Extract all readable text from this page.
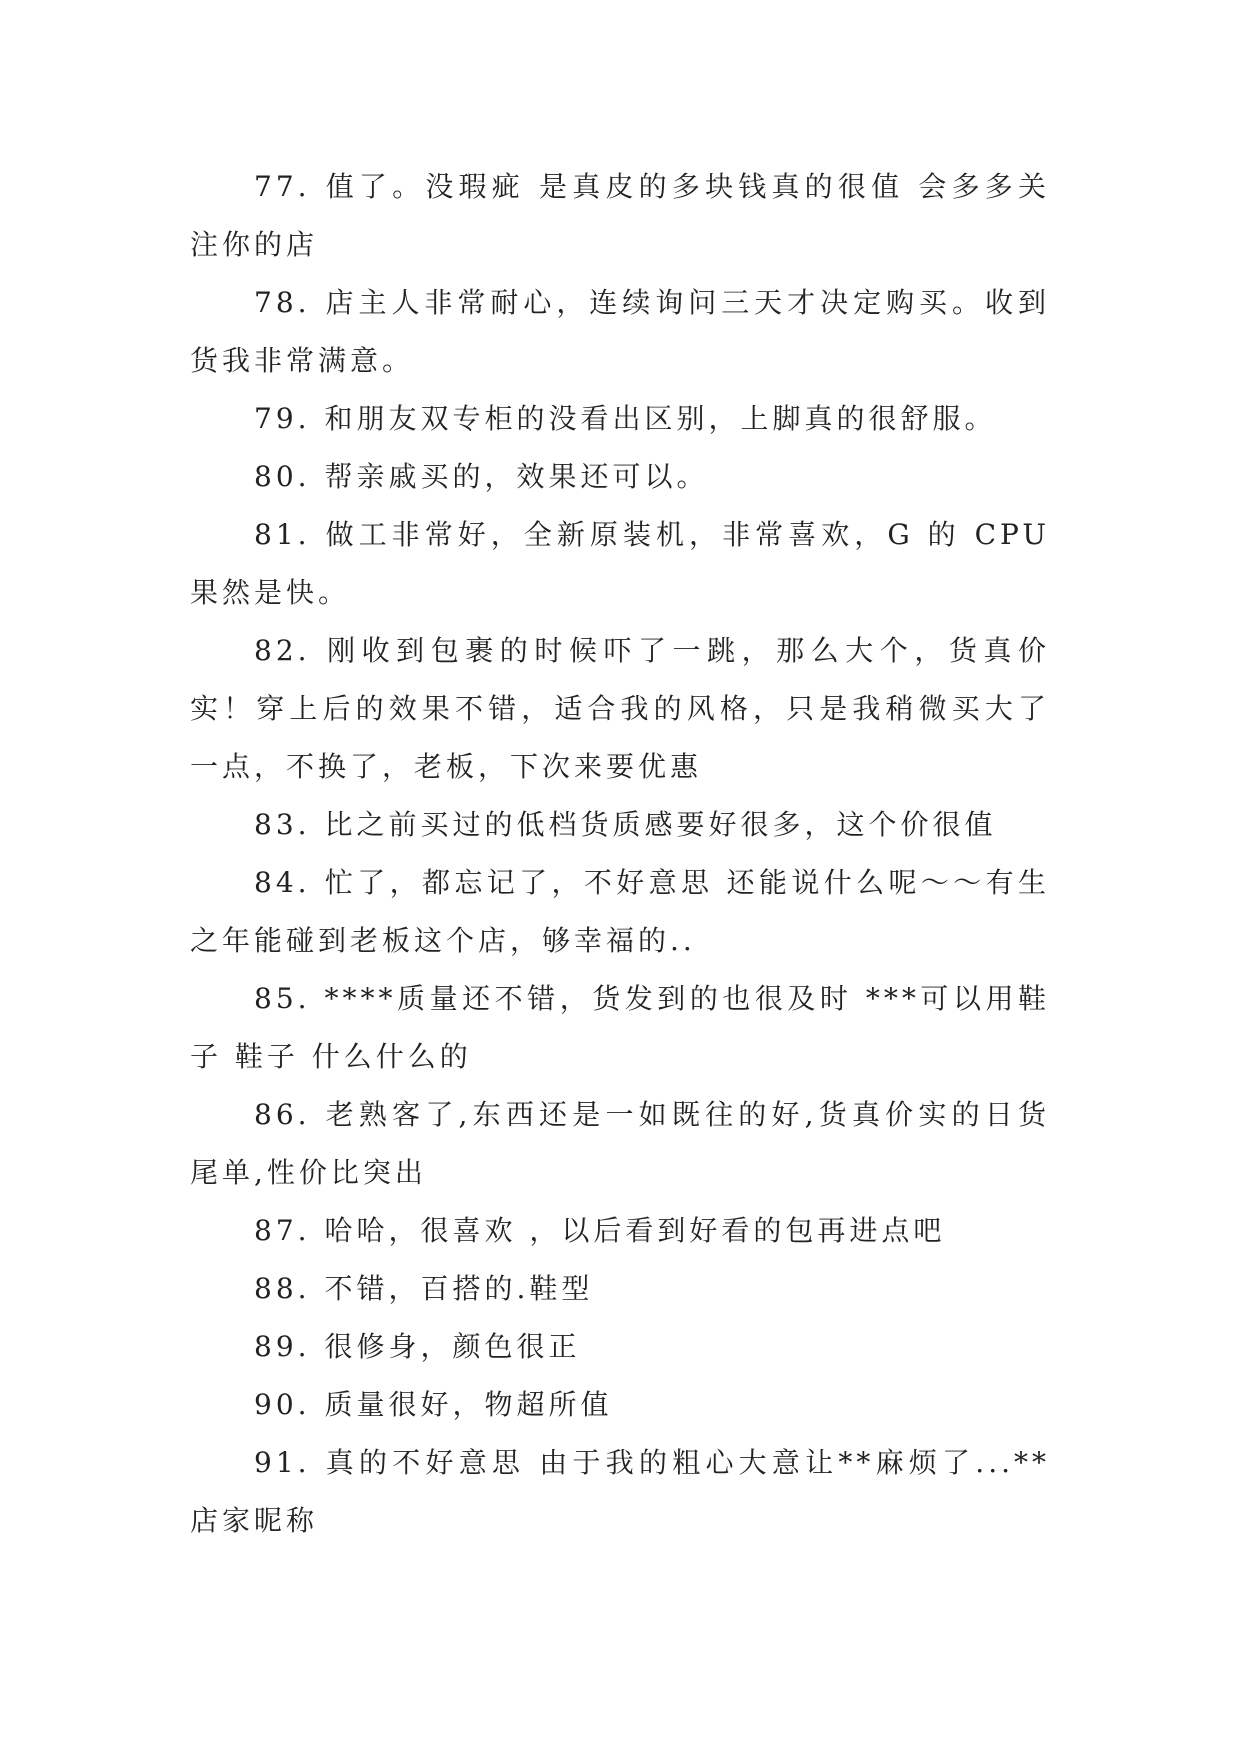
77. 值了。没瑕疵 是真皮的多块钱真的很值 会多多关注你的店

78. 店主人非常耐心，连续询问三天才决定购买。收到货我非常满意。

79. 和朋友双专柜的没看出区别，上脚真的很舒服。

80. 帮亲戚买的，效果还可以。

81. 做工非常好，全新原装机，非常喜欢，G 的 CPU 果然是快。

82. 刚收到包裹的时候吓了一跳，那么大个，货真价实！穿上后的效果不错，适合我的风格，只是我稍微买大了一点，不换了，老板，下次来要优惠

83. 比之前买过的低档货质感要好很多，这个价很值

84. 忙了，都忘记了，不好意思 还能说什么呢～～有生之年能碰到老板这个店，够幸福的..

85. ****质量还不错，货发到的也很及时 ***可以用鞋子 鞋子 什么什么的

86. 老熟客了,东西还是一如既往的好,货真价实的日货尾单,性价比突出

87. 哈哈，很喜欢 ，以后看到好看的包再进点吧

88. 不错，百搭的.鞋型

89. 很修身，颜色很正

90. 质量很好，物超所值

91. 真的不好意思 由于我的粗心大意让**麻烦了...**店家昵称
